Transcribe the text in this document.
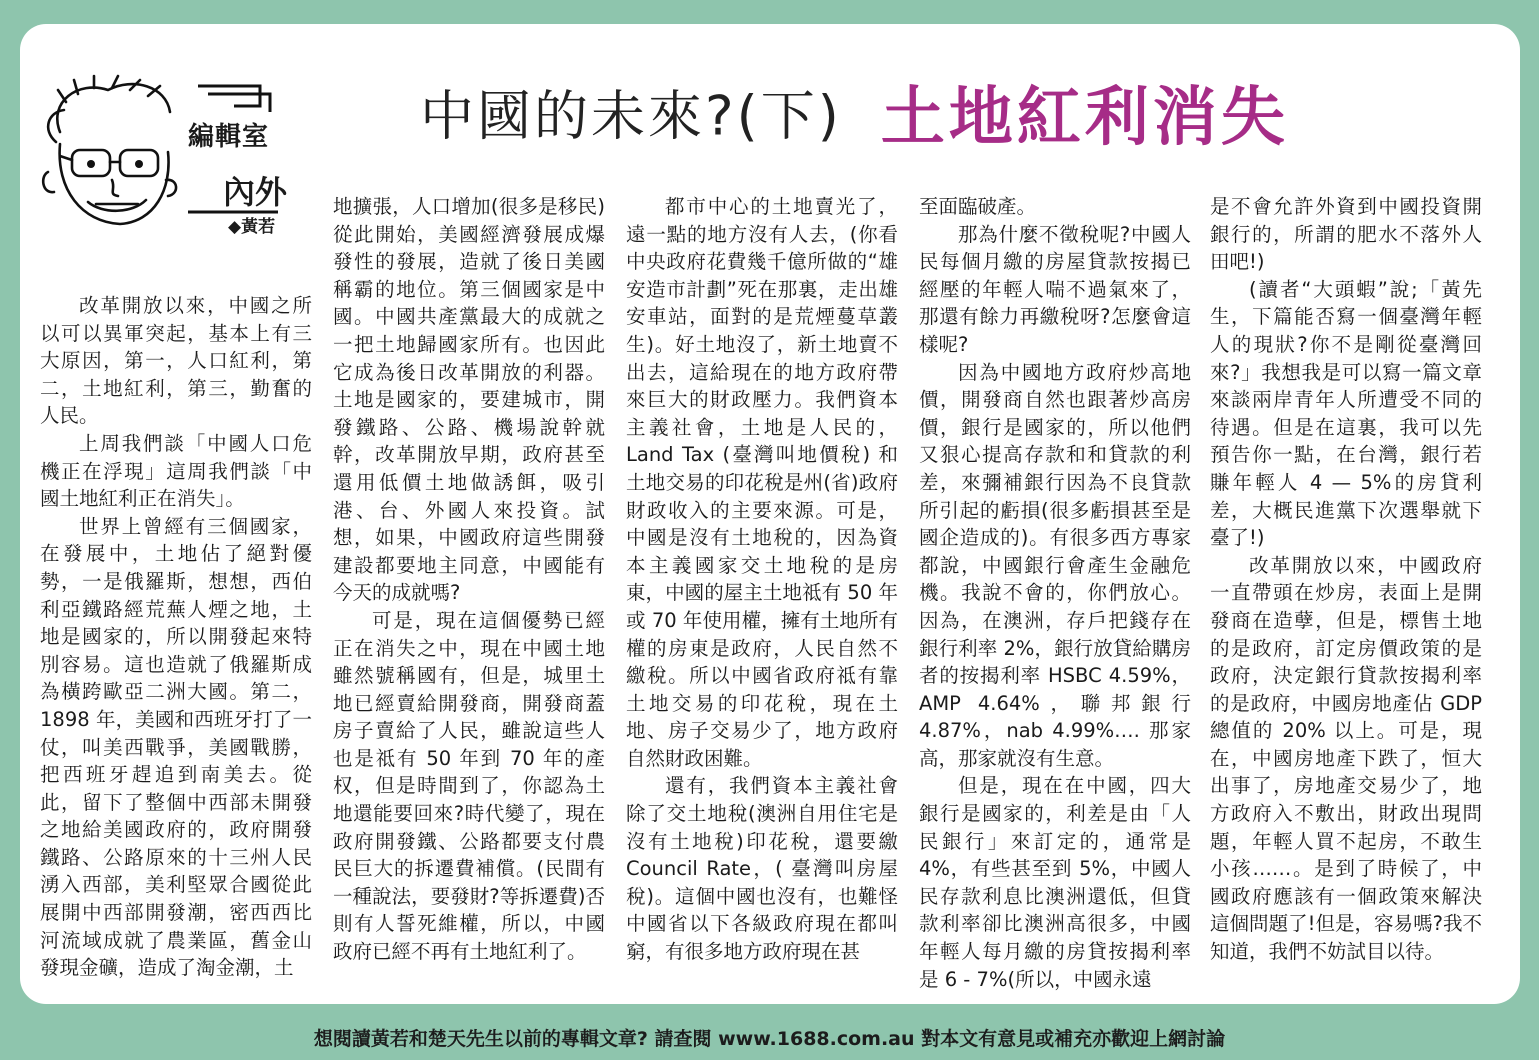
編輯室
內外
◆黃若
中國的未來?(下) 土地紅利消失

改革開放以來，中國之所以可以異軍突起，基本上有三大原因，第一，人口紅利，第二，土地紅利，第三，勤奮的人民。

上周我們談「中國人口危機正在浮現」這周我們談「中國土地紅利正在消失」。

世界上曾經有三個國家，在發展中，土地佔了絕對優勢，一是俄羅斯，想想，西伯利亞鐵路經荒蕪人煙之地，土地是國家的，所以開發起來特別容易。這也造就了俄羅斯成為橫跨歐亞二洲大國。第二，1898 年，美國和西班牙打了一仗，叫美西戰爭，美國戰勝，把西班牙趕追到南美去。從此，留下了整個中西部未開發之地給美國政府的，政府開發鐵路、公路原來的十三州人民湧入西部，美利堅眾合國從此展開中西部開發潮，密西西比河流域成就了農業區，舊金山發現金礦，造成了淘金潮，土

地擴張，人口增加(很多是移民)從此開始，美國經濟發展成爆發性的發展，造就了後日美國稱霸的地位。第三個國家是中國。中國共產黨最大的成就之一把土地歸國家所有。也因此它成為後日改革開放的利器。土地是國家的，要建城市，開發鐵路、公路、機場說幹就幹，改革開放早期，政府甚至還用低價土地做誘餌，吸引港、台、外國人來投資。試想，如果，中國政府這些開發建設都要地主同意，中國能有今天的成就嗎?

可是，現在這個優勢已經正在消失之中，現在中國土地雖然號稱國有，但是，城里土地已經賣給開發商，開發商蓋房子賣給了人民，雖說這些人也是祗有 50 年到 70 年的產权，但是時間到了，你認為土地還能要回來?時代變了，現在政府開發鐵、公路都要支付農民巨大的拆遷費補償。(民間有一種說法，要發財?等拆遷費)否則有人誓死維權，所以，中國政府已經不再有土地紅利了。

都市中心的土地賣光了，遠一點的地方沒有人去，(你看中央政府花費幾千億所做的“雄安造市計劃”死在那裏，走出雄安車站，面對的是荒煙蔓草叢生)。好土地沒了，新土地賣不出去，這給現在的地方政府帶來巨大的財政壓力。我們資本主義社會，土地是人民的，Land Tax (臺灣叫地價稅) 和 土地交易的印花稅是州(省)政府財政收入的主要來源。可是，中國是沒有土地稅的，因為資本主義國家交土地稅的是房東，中國的屋主土地祗有 50 年或 70 年使用權，擁有土地所有權的房東是政府，人民自然不繳稅。所以中國省政府祗有靠土地交易的印花稅，現在土地、房子交易少了，地方政府自然財政困難。

還有，我們資本主義社會除了交土地稅(澳洲自用住宅是沒有土地稅)印花稅，還要繳 Council Rate，( 臺灣叫房屋稅)。這個中國也沒有，也難怪中國省以下各級政府現在都叫窮，有很多地方政府現在甚

至面臨破產。

那為什麼不徵稅呢?中國人民每個月繳的房屋貸款按揭已經壓的年輕人喘不過氣來了，那還有餘力再繳稅呀?怎麼會這樣呢?

因為中國地方政府炒高地價，開發商自然也跟著炒高房價，銀行是國家的，所以他們又狠心提高存款和和貸款的利差，來彌補銀行因為不良貸款所引起的虧損(很多虧損甚至是國企造成的)。有很多西方專家都說，中國銀行會產生金融危機。我說不會的，你們放心。因為，在澳洲，存戶把錢存在銀行利率 2%，銀行放貸給購房者的按揭利率 HSBC 4.59%，AMP 4.64%，聯邦銀行 4.87%，nab 4.99%…. 那家高，那家就沒有生意。

但是，現在在中國，四大銀行是國家的，利差是由「人民銀行」來訂定的，通常是 4%，有些甚至到 5%，中國人民存款利息比澳洲還低，但貸款利率卻比澳洲高很多，中國年輕人每月繳的房貸按揭利率 是 6 - 7%(所以，中國永遠

是不會允許外資到中國投資開銀行的，所謂的肥水不落外人田吧!)

(讀者“大頭蝦”說;「黃先生，下篇能否寫一個臺灣年輕人的現狀?你不是剛從臺灣回來?」我想我是可以寫一篇文章來談兩岸青年人所遭受不同的待遇。但是在這裏，我可以先預告你一點，在台灣，銀行若賺年輕人 4 — 5%的房貸利差，大概民進黨下次選舉就下臺了!)

改革開放以來，中國政府一直帶頭在炒房，表面上是開發商在造孽，但是，標售土地的是政府，訂定房價政策的是政府，決定銀行貸款按揭利率的是政府，中國房地產佔 GDP 總值的 20% 以上。可是，現在，中國房地產下跌了，恒大出事了，房地產交易少了，地方政府入不敷出，財政出現問題，年輕人買不起房，不敢生小孩……。是到了時候了，中國政府應該有一個政策來解決這個問題了!但是，容易嗎?我不知道，我們不妨試目以待。

想閱讀黃若和楚天先生以前的專輯文章? 請查閱 www.1688.com.au 對本文有意見或補充亦歡迎上網討論
